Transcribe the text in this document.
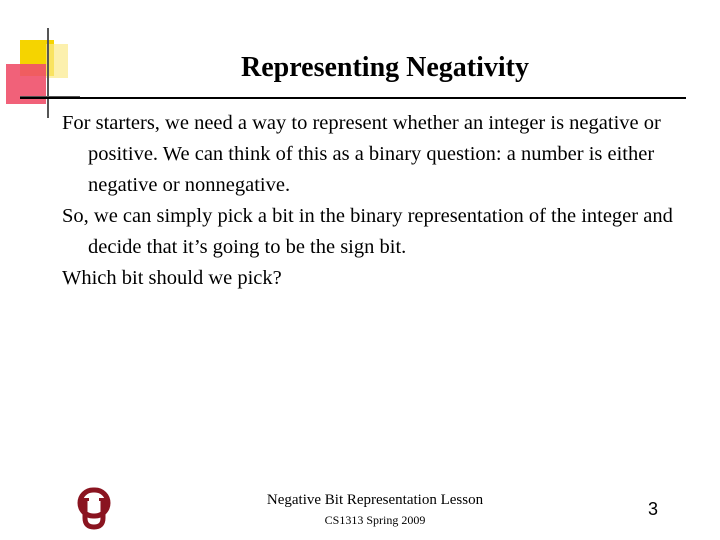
Representing Negativity

For starters, we need a way to represent whether an integer is negative or positive. We can think of this as a binary question: a number is either negative or nonnegative.

So, we can simply pick a bit in the binary representation of the integer and decide that it’s going to be the sign bit.

Which bit should we pick?

Negative Bit Representation Lesson
CS1313 Spring 2009
3
